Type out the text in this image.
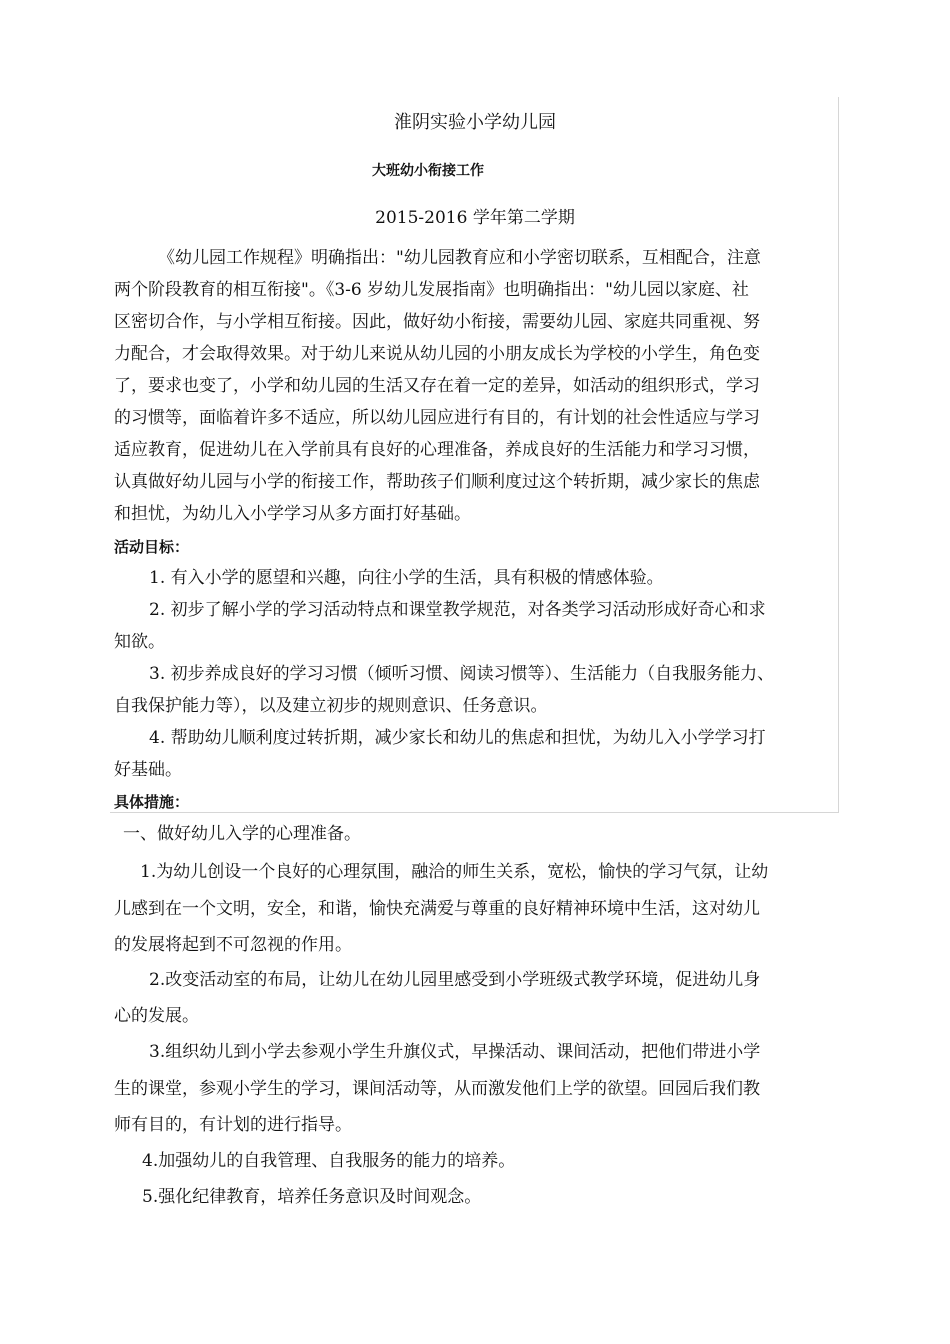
淮阴实验小学幼儿园
大班幼小衔接工作
2015-2016 学年第二学期
《幼儿园工作规程》明确指出："幼儿园教育应和小学密切联系，互相配合，注意
两个阶段教育的相互衔接"。《3-6 岁幼儿发展指南》也明确指出："幼儿园以家庭、社
区密切合作，与小学相互衔接。因此，做好幼小衔接，需要幼儿园、家庭共同重视、努
力配合，才会取得效果。对于幼儿来说从幼儿园的小朋友成长为学校的小学生，角色变
了，要求也变了，小学和幼儿园的生活又存在着一定的差异，如活动的组织形式，学习
的习惯等，面临着许多不适应，所以幼儿园应进行有目的，有计划的社会性适应与学习
适应教育，促进幼儿在入学前具有良好的心理准备，养成良好的生活能力和学习习惯，
认真做好幼儿园与小学的衔接工作，帮助孩子们顺利度过这个转折期，减少家长的焦虑
和担忧，为幼儿入小学学习从多方面打好基础。
活动目标：
1. 有入小学的愿望和兴趣，向往小学的生活，具有积极的情感体验。
2. 初步了解小学的学习活动特点和课堂教学规范，对各类学习活动形成好奇心和求
知欲。
3. 初步养成良好的学习习惯（倾听习惯、阅读习惯等）、生活能力（自我服务能力、
自我保护能力等），以及建立初步的规则意识、任务意识。
4. 帮助幼儿顺利度过转折期，减少家长和幼儿的焦虑和担忧，为幼儿入小学学习打
好基础。
具体措施：
一、做好幼儿入学的心理准备。
1.为幼儿创设一个良好的心理氛围，融洽的师生关系，宽松，愉快的学习气氛，让幼
儿感到在一个文明，安全，和谐，愉快充满爱与尊重的良好精神环境中生活，这对幼儿
的发展将起到不可忽视的作用。
2.改变活动室的布局，让幼儿在幼儿园里感受到小学班级式教学环境，促进幼儿身
心的发展。
3.组织幼儿到小学去参观小学生升旗仪式，早操活动、课间活动，把他们带进小学
生的课堂，参观小学生的学习，课间活动等，从而激发他们上学的欲望。回园后我们教
师有目的，有计划的进行指导。
4.加强幼儿的自我管理、自我服务的能力的培养。
5.强化纪律教育，培养任务意识及时间观念。
